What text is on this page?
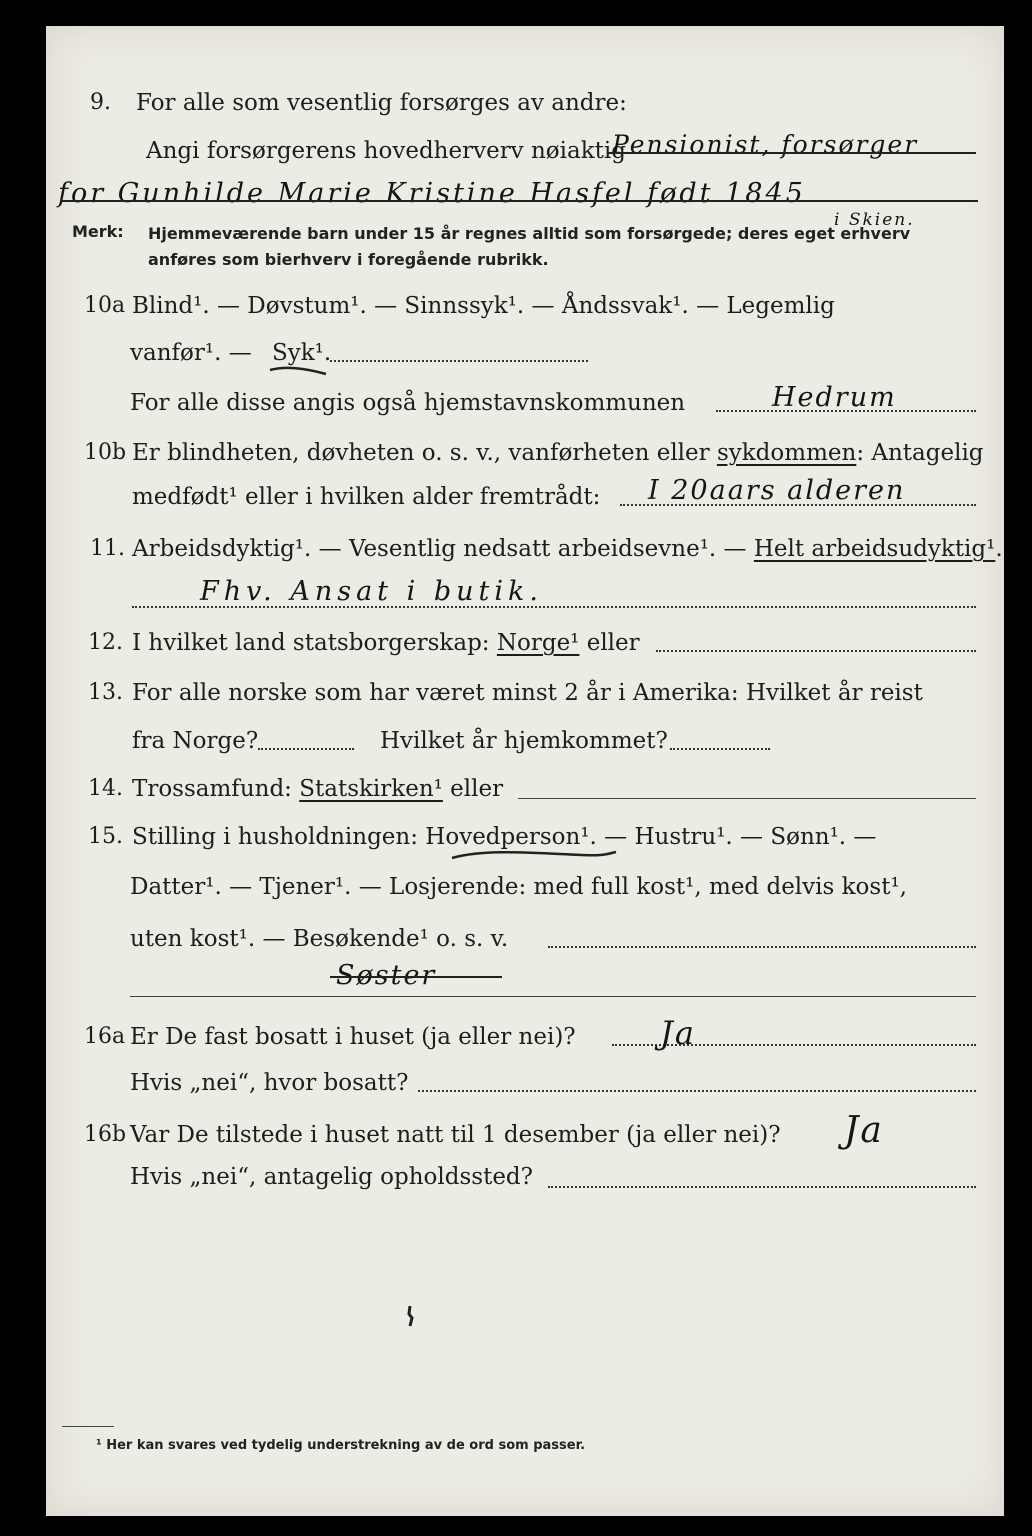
9. For alle som vesentlig forsørges av andre:
Angi forsørgerens hovedherverv nøiaktig
Pensionist, forsørger
for Gunhilde Marie Kristine Hasfel født 1845
i Skien.
Merk: Hjemmeværende barn under 15 år regnes alltid som forsørgede; deres eget erhverv
anføres som bierhverv i foregående rubrikk.
10a Blind¹. — Døvstum¹. — Sinnssyk¹. — Åndssvak¹. — Legemlig
vanfør¹. — Syk¹.
For alle disse angis også hjemstavnskommunen	Hedrum
10b Er blindheten, døvheten o. s. v., vanførheten eller sykdommen: Antagelig
medfødt¹ eller i hvilken alder fremtrådt: I 20aars alderen
11. Arbeidsdyktig¹. — Vesentlig nedsatt arbeidsevne¹. — Helt arbeidsudyktig¹.
Fhv. Ansat i butik.
12. I hvilket land statsborgerskap: Norge¹ eller
13. For alle norske som har været minst 2 år i Amerika: Hvilket år reist
fra Norge?	Hvilket år hjemkommet?
14. Trossamfund: Statskirken¹ eller
15. Stilling i husholdningen: Hovedperson¹. — Hustru¹. — Sønn¹. —
Datter¹. — Tjener¹. — Losjerende: med full kost¹, med delvis kost¹,
uten kost¹. — Besøkende¹ o. s. v.
Søster
16a Er De fast bosatt i huset (ja eller nei)?	Ja
Hvis „nei“, hvor bosatt?
16b Var De tilstede i huset natt til 1 desember (ja eller nei)? Ja
Hvis „nei“, antagelig opholdssted?
¹ Her kan svares ved tydelig understrekning av de ord som passer.
